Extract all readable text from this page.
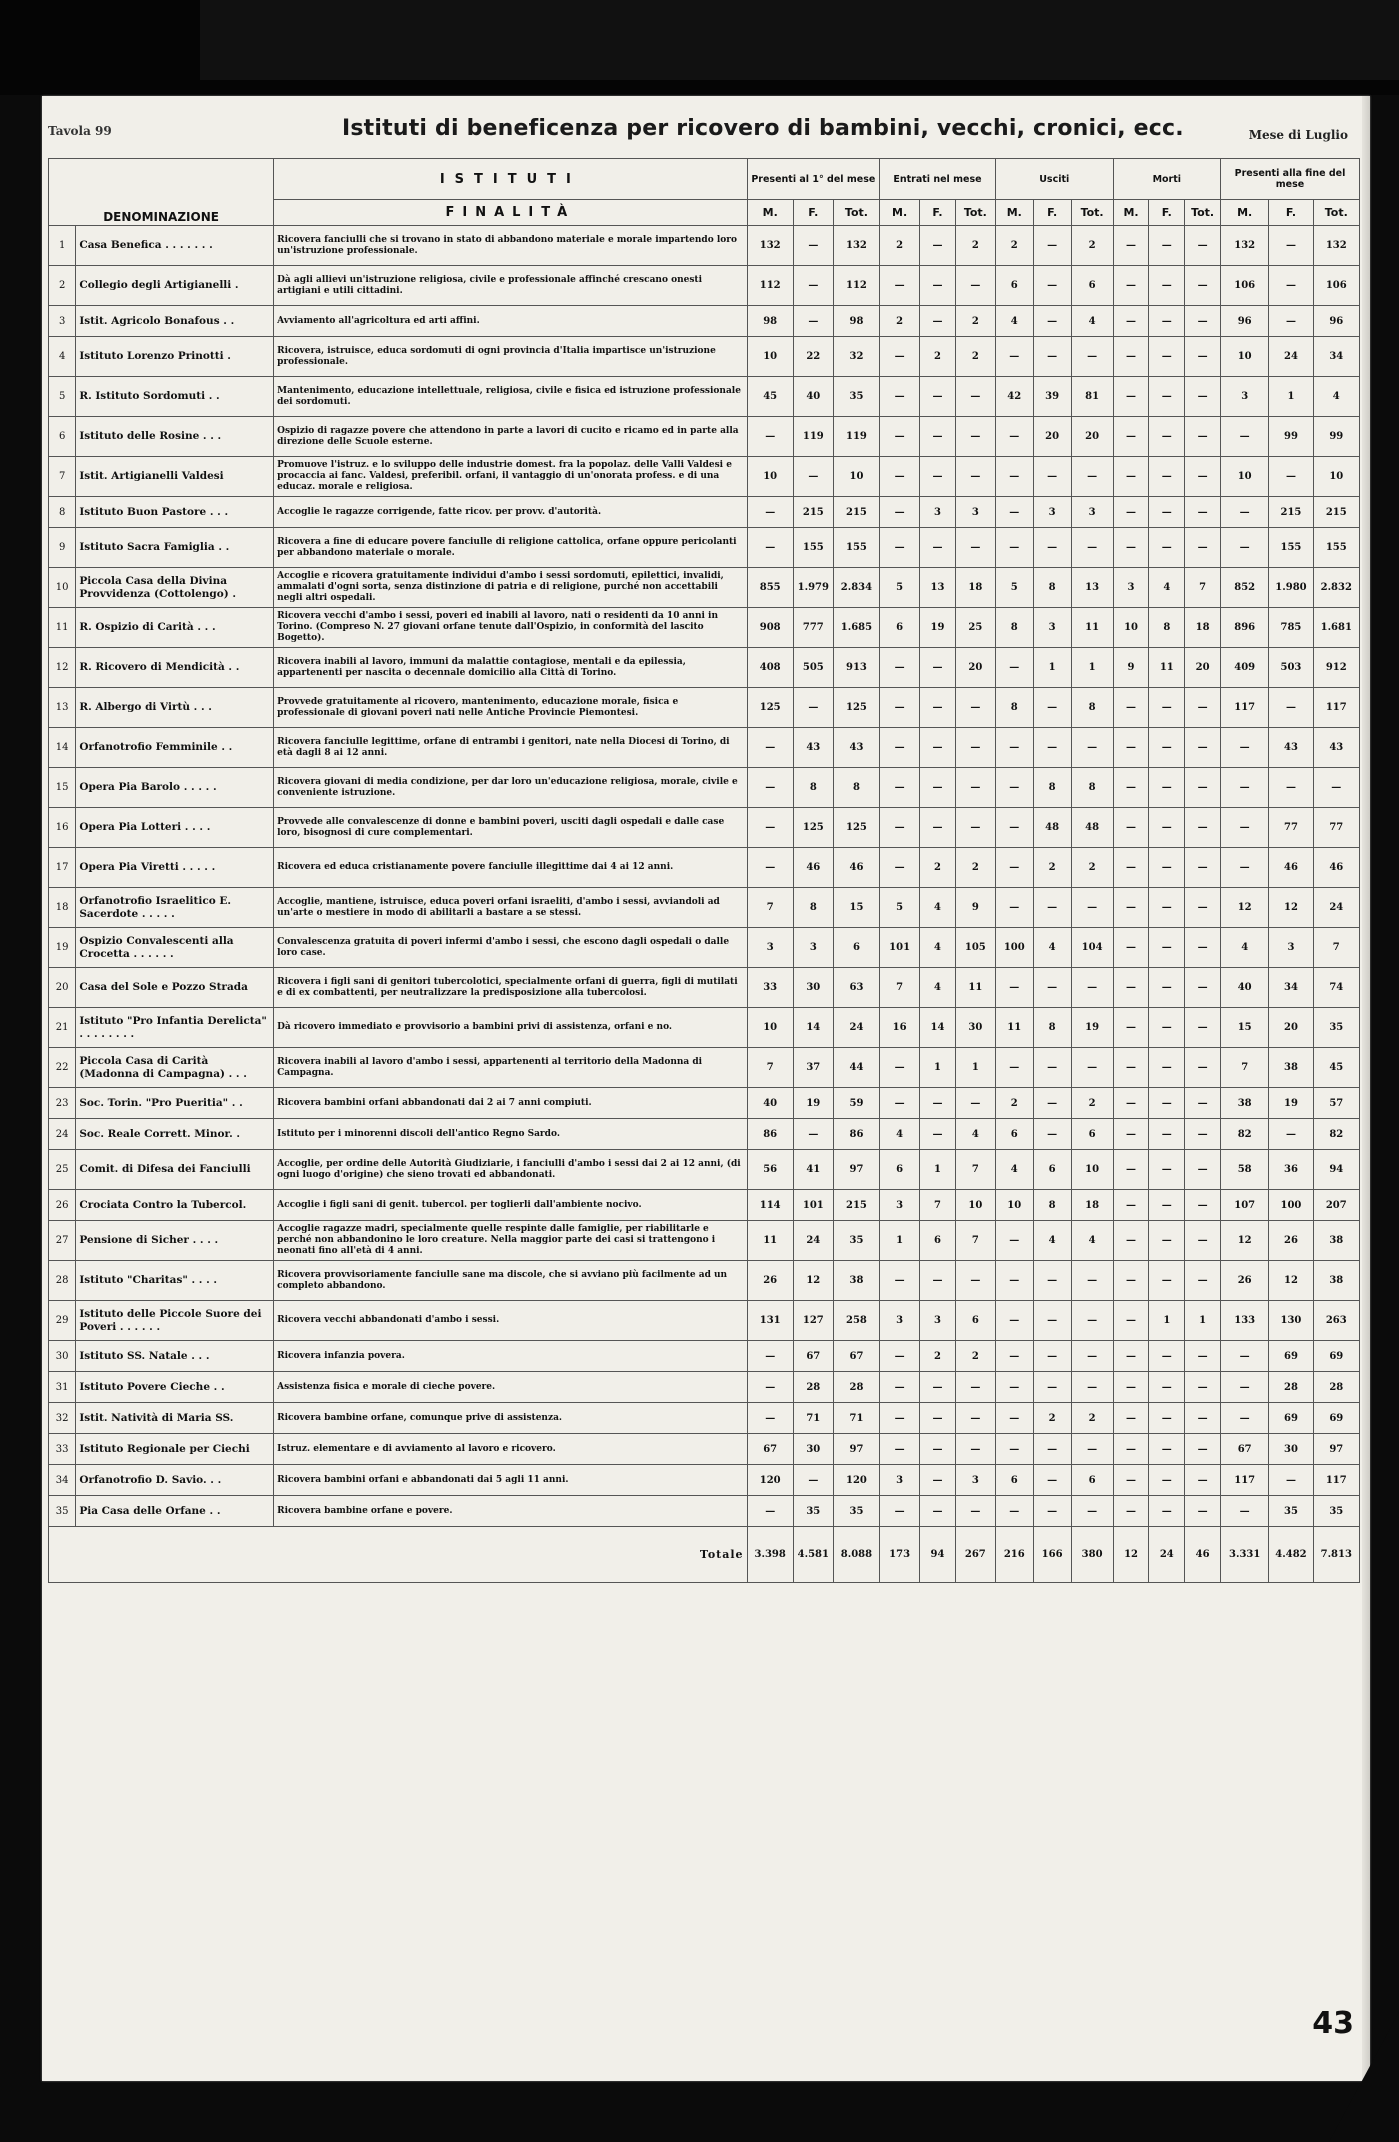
Tavola 99	Istituti di beneficenza per ricovero di bambini, vecchi, cronici, ecc.	Mese di Luglio
DENOMINAZIONE		ISTITUTI	Presenti al 1° del mese			Entrati nel mese			Usciti			Morti			Presenti alla fine del mese		
		FINALITÀ	M.	F.	Tot.	M.	F.	Tot.	M.	F.	Tot.	M.	F.	Tot.	M.	F.	Tot.
1	Casa Benefica . . . . . . .	Ricovera fanciulli che si trovano in stato di abbandono materiale e morale impartendo loro un'istruzione professionale.	132	—	132	2	—	2	2	—	2	—	—	—	132	—	132
2	Collegio degli Artigianelli .	Dà agli allievi un'istruzione religiosa, civile e professionale affinché crescano onesti artigiani e utili cittadini.	112	—	112	—	—	—	6	—	6	—	—	—	106	—	106
3	Istit. Agricolo Bonafous . .	Avviamento all'agricoltura ed arti affini.	98	—	98	2	—	2	4	—	4	—	—	—	96	—	96
4	Istituto Lorenzo Prinotti .	Ricovera, istruisce, educa sordomuti di ogni provincia d'Italia impartisce un'istruzione professionale.	10	22	32	—	2	2	—	—	—	—	—	—	10	24	34
5	R. Istituto Sordomuti . .	Mantenimento, educazione intellettuale, religiosa, civile e fisica ed istruzione professionale dei sordomuti.	45	40	35	—	—	—	42	39	81	—	—	—	3	1	4
6	Istituto delle Rosine . . .	Ospizio di ragazze povere che attendono in parte a lavori di cucito e ricamo ed in parte alla direzione delle Scuole esterne.	—	119	119	—	—	—	—	20	20	—	—	—	—	99	99
7	Istit. Artigianelli Valdesi	Promuove l'istruz. e lo sviluppo delle industrie domest. fra la popolaz. delle Valli Valdesi e procaccia ai fanc. Valdesi, preferibil. orfani, il vantaggio di un'onorata profess. e di una educaz. morale e religiosa.	10	—	10	—	—	—	—	—	—	—	—	—	10	—	10
8	Istituto Buon Pastore . . .	Accoglie le ragazze corrigende, fatte ricov. per provv. d'autorità.	—	215	215	—	3	3	—	3	3	—	—	—	—	215	215
9	Istituto Sacra Famiglia . .	Ricovera a fine di educare povere fanciulle di religione cattolica, orfane oppure pericolanti per abbandono materiale o morale.	—	155	155	—	—	—	—	—	—	—	—	—	—	155	155
10	Piccola Casa della Divina Provvidenza (Cottolengo) .	Accoglie e ricovera gratuitamente individui d'ambo i sessi sordomuti, epilettici, invalidi, ammalati d'ogni sorta, senza distinzione di patria e di religione, purché non accettabili negli altri ospedali.	855	1.979	2.834	5	13	18	5	8	13	3	4	7	852	1.980	2.832
11	R. Ospizio di Carità . . .	Ricovera vecchi d'ambo i sessi, poveri ed inabili al lavoro, nati o residenti da 10 anni in Torino. (Compreso N. 27 giovani orfane tenute dall'Ospizio, in conformità del lascito Bogetto).	908	777	1.685	6	19	25	8	3	11	10	8	18	896	785	1.681
12	R. Ricovero di Mendicità . .	Ricovera inabili al lavoro, immuni da malattie contagiose, mentali e da epilessia, appartenenti per nascita o decennale domicilio alla Città di Torino.	408	505	913	—	—	20	—	1	1	9	11	20	409	503	912
13	R. Albergo di Virtù . . .	Provvede gratuitamente al ricovero, mantenimento, educazione morale, fisica e professionale di giovani poveri nati nelle Antiche Provincie Piemontesi.	125	—	125	—	—	—	8	—	8	—	—	—	117	—	117
14	Orfanotrofio Femminile . .	Ricovera fanciulle legittime, orfane di entrambi i genitori, nate nella Diocesi di Torino, di età dagli 8 ai 12 anni.	—	43	43	—	—	—	—	—	—	—	—	—	—	43	43
15	Opera Pia Barolo . . . . .	Ricovera giovani di media condizione, per dar loro un'educazione religiosa, morale, civile e conveniente istruzione.	—	8	8	—	—	—	—	8	8	—	—	—	—	—	—
16	Opera Pia Lotteri . . . .	Provvede alle convalescenze di donne e bambini poveri, usciti dagli ospedali e dalle case loro, bisognosi di cure complementari.	—	125	125	—	—	—	—	48	48	—	—	—	—	77	77
17	Opera Pia Viretti . . . . .	Ricovera ed educa cristianamente povere fanciulle illegittime dai 4 ai 12 anni.	—	46	46	—	2	2	—	2	2	—	—	—	—	46	46
18	Orfanotrofio Israelitico E. Sacerdote . . . . .	Accoglie, mantiene, istruisce, educa poveri orfani israeliti, d'ambo i sessi, avviandoli ad un'arte o mestiere in modo di abilitarli a bastare a se stessi.	7	8	15	5	4	9	—	—	—	—	—	—	12	12	24
19	Ospizio Convalescenti alla Crocetta . . . . . .	Convalescenza gratuita di poveri infermi d'ambo i sessi, che escono dagli ospedali o dalle loro case.	3	3	6	101	4	105	100	4	104	—	—	—	4	3	7
20	Casa del Sole e Pozzo Strada	Ricovera i figli sani di genitori tubercolotici, specialmente orfani di guerra, figli di mutilati e di ex combattenti, per neutralizzare la predisposizione alla tubercolosi.	33	30	63	7	4	11	—	—	—	—	—	—	40	34	74
21	Istituto "Pro Infantia Derelicta" . . . . . . . .	Dà ricovero immediato e provvisorio a bambini privi di assistenza, orfani e no.	10	14	24	16	14	30	11	8	19	—	—	—	15	20	35
22	Piccola Casa di Carità (Madonna di Campagna) . . .	Ricovera inabili al lavoro d'ambo i sessi, appartenenti al territorio della Madonna di Campagna.	7	37	44	—	1	1	—	—	—	—	—	—	7	38	45
23	Soc. Torin. "Pro Pueritia" . .	Ricovera bambini orfani abbandonati dai 2 ai 7 anni compiuti.	40	19	59	—	—	—	2	—	2	—	—	—	38	19	57
24	Soc. Reale Corrett. Minor. .	Istituto per i minorenni discoli dell'antico Regno Sardo.	86	—	86	4	—	4	6	—	6	—	—	—	82	—	82
25	Comit. di Difesa dei Fanciulli	Accoglie, per ordine delle Autorità Giudiziarie, i fanciulli d'ambo i sessi dai 2 ai 12 anni, (di ogni luogo d'origine) che sieno trovati ed abbandonati.	56	41	97	6	1	7	4	6	10	—	—	—	58	36	94
26	Crociata Contro la Tubercol.	Accoglie i figli sani di genit. tubercol. per toglierli dall'ambiente nocivo.	114	101	215	3	7	10	10	8	18	—	—	—	107	100	207
27	Pensione di Sicher . . . .	Accoglie ragazze madri, specialmente quelle respinte dalle famiglie, per riabilitarle e perché non abbandonino le loro creature. Nella maggior parte dei casi si trattengono i neonati fino all'età di 4 anni.	11	24	35	1	6	7	—	4	4	—	—	—	12	26	38
28	Istituto "Charitas" . . . .	Ricovera provvisoriamente fanciulle sane ma discole, che si avviano più facilmente ad un completo abbandono.	26	12	38	—	—	—	—	—	—	—	—	—	26	12	38
29	Istituto delle Piccole Suore dei Poveri . . . . . .	Ricovera vecchi abbandonati d'ambo i sessi.	131	127	258	3	3	6	—	—	—	—	1	1	133	130	263
30	Istituto SS. Natale . . .	Ricovera infanzia povera.	—	67	67	—	2	2	—	—	—	—	—	—	—	69	69
31	Istituto Povere Cieche . .	Assistenza fisica e morale di cieche povere.	—	28	28	—	—	—	—	—	—	—	—	—	—	28	28
32	Istit. Natività di Maria SS.	Ricovera bambine orfane, comunque prive di assistenza.	—	71	71	—	—	—	—	2	2	—	—	—	—	69	69
33	Istituto Regionale per Ciechi	Istruz. elementare e di avviamento al lavoro e ricovero.	67	30	97	—	—	—	—	—	—	—	—	—	67	30	97
34	Orfanotrofio D. Savio. . .	Ricovera bambini orfani e abbandonati dai 5 agli 11 anni.	120	—	120	3	—	3	6	—	6	—	—	—	117	—	117
35	Pia Casa delle Orfane . .	Ricovera bambine orfane e povere.	—	35	35	—	—	—	—	—	—	—	—	—	—	35	35
Totale			3.398	4.581	8.088	173	94	267	216	166	380	12	24	46	3.331	4.482	7.813
43
